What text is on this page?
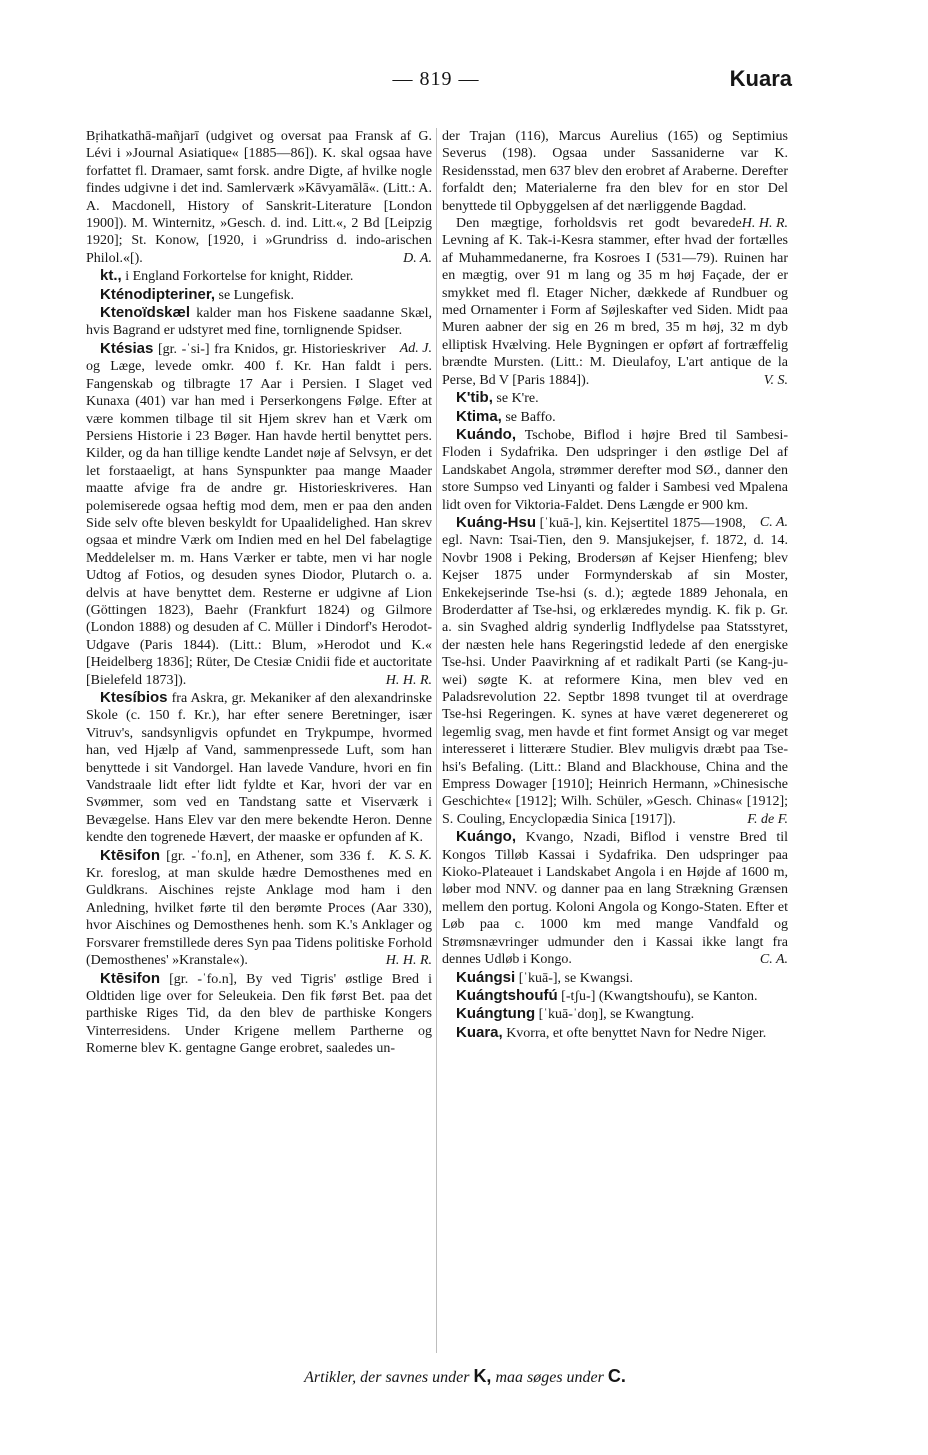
— 819 —	Kuara

Bṛihatkathā-mañjarī (udgivet og oversat paa Fransk af G. Lévi i »Journal Asiatique« [1885—86]). K. skal ogsaa have forfattet fl. Dramaer, samt forsk. andre Digte, af hvilke nogle findes udgivne i det ind. Samlerværk »Kāvyamālā«. (Litt.: A. A. Macdonell, History of Sanskrit-Literature [London 1900]). M. Winternitz, »Gesch. d. ind. Litt.«, 2 Bd [Leipzig 1920]; St. Konow, [1920, i »Grundriss d. indo-arischen Philol.«[).	D. A.

kt., i England Forkortelse for knight, Ridder.

Kténodipteriner, se Lungefisk.

Ktenoïdskæl kalder man hos Fiskene saadanne Skæl, hvis Bagrand er udstyret med fine, tornlignende Spidser.
Ad. J.

Ktésias [gr. -ˈsi-] fra Knidos, gr. Historieskriver og Læge, levede omkr. 400 f. Kr. Han faldt i pers. Fangenskab og tilbragte 17 Aar i Persien. I Slaget ved Kunaxa (401) var han med i Perserkongens Følge. Efter at være kommen tilbage til sit Hjem skrev han et Værk om Persiens Historie i 23 Bøger. Han havde hertil benyttet pers. Kilder, og da han tillige kendte Landet nøje af Selvsyn, er det let forstaaeligt, at hans Synspunkter paa mange Maader maatte afvige fra de andre gr. Historieskriveres. Han polemiserede ogsaa heftig mod dem, men er paa den anden Side selv ofte bleven beskyldt for Upaalidelighed. Han skrev ogsaa et mindre Værk om Indien med en hel Del fabelagtige Meddelelser m. m. Hans Værker er tabte, men vi har nogle Udtog af Fotios, og desuden synes Diodor, Plutarch o. a. delvis at have benyttet dem. Resterne er udgivne af Lion (Göttingen 1823), Baehr (Frankfurt 1824) og Gilmore (London 1888) og desuden af C. Müller i Dindorf's Herodot-Udgave (Paris 1844). (Litt.: Blum, »Herodot und K.« [Heidelberg 1836]; Rüter, De Ctesiæ Cnidii fide et auctoritate [Bielefeld 1873]).	H. H. R.

Ktesíbios fra Askra, gr. Mekaniker af den alexandrinske Skole (c. 150 f. Kr.), har efter senere Beretninger, især Vitruv's, sandsynligvis opfundet en Trykpumpe, hvormed han, ved Hjælp af Vand, sammenpressede Luft, som han benyttede i sit Vandorgel. Han lavede Vandure, hvori en fin Vandstraale lidt efter lidt fyldte et Kar, hvori der var en Svømmer, som ved en Tandstang satte et Viserværk i Bevægelse. Hans Elev var den mere bekendte Heron. Denne kendte den togrenede Hævert, der maaske er opfunden af K.
K. S. K.

Ktēsifon [gr. -ˈfo.n], en Athener, som 336 f. Kr. foreslog, at man skulde hædre Demosthenes med en Guldkrans. Aischines rejste Anklage mod ham i den Anledning, hvilket førte til den berømte Proces (Aar 330), hvor Aischines og Demosthenes henh. som K.'s Anklager og Forsvarer fremstillede deres Syn paa Tidens politiske Forhold (Demosthenes' »Kranstale«).	H. H. R.

Ktēsifon [gr. -ˈfo.n], By ved Tigris' østlige Bred i Oldtiden lige over for Seleukeia. Den fik først Bet. paa det parthiske Riges Tid, da den blev de parthiske Kongers Vinterresidens. Under Krigene mellem Partherne og Romerne blev K. gentagne Gange erobret, saaledes un-

der Trajan (116), Marcus Aurelius (165) og Septimius Severus (198). Ogsaa under Sassaniderne var K. Residensstad, men 637 blev den erobret af Araberne. Derefter forfaldt den; Materialerne fra den blev for en stor Del benyttede til Opbyggelsen af det nærliggende Bagdad.
H. H. R.

Den mægtige, forholdsvis ret godt bevarede Levning af K. Tak-i-Kesra stammer, efter hvad der fortælles af Muhammedanerne, fra Kosroes I (531—79). Ruinen har en mægtig, over 91 m lang og 35 m høj Façade, der er smykket med fl. Etager Nicher, dækkede af Rundbuer og med Ornamenter i Form af Søjleskafter ved Siden. Midt paa Muren aabner der sig en 26 m bred, 35 m høj, 32 m dyb elliptisk Hvælving. Hele Bygningen er opført af fortræffelig brændte Mursten. (Litt.: M. Dieulafoy, L'art antique de la Perse, Bd V [Paris 1884]).	V. S.

K'tib, se K're.

Ktima, se Baffo.

Kuándo, Tschobe, Biflod i højre Bred til Sambesi-Floden i Sydafrika. Den udspringer i den østlige Del af Landskabet Angola, strømmer derefter mod SØ., danner den store Sumpso ved Linyanti og falder i Sambesi ved Mpalena lidt oven for Viktoria-Faldet. Dens Længde er 900 km.
C. A.

Kuáng-Hsu [ˈkuā-], kin. Kejsertitel 1875—1908, egl. Navn: Tsai-Tien, den 9. Mansjukejser, f. 1872, d. 14. Novbr 1908 i Peking, Brodersøn af Kejser Hienfeng; blev Kejser 1875 under Formynderskab af sin Moster, Enkekejserinde Tse-hsi (s. d.); ægtede 1889 Jehonala, en Broderdatter af Tse-hsi, og erklæredes myndig. K. fik p. Gr. a. sin Svaghed aldrig synderlig Indflydelse paa Statsstyret, der næsten hele hans Regeringstid ledede af den energiske Tse-hsi. Under Paavirkning af et radikalt Parti (se Kang-ju-wei) søgte K. at reformere Kina, men blev ved en Paladsrevolution 22. Septbr 1898 tvunget til at overdrage Tse-hsi Regeringen. K. synes at have været degenereret og legemlig svag, men havde et fint formet Ansigt og var meget interesseret i litterære Studier. Blev muligvis dræbt paa Tse-hsi's Befaling. (Litt.: Bland and Blackhouse, China and the Empress Dowager [1910]; Heinrich Hermann, »Chinesische Geschichte« [1912]; Wilh. Schüler, »Gesch. Chinas« [1912]; S. Couling, Encyclopædia Sinica [1917]).	F. de F.

Kuángo, Kvango, Nzadi, Biflod i venstre Bred til Kongos Tilløb Kassai i Sydafrika. Den udspringer paa Kioko-Plateauet i Landskabet Angola i en Højde af 1600 m, løber mod NNV. og danner paa en lang Strækning Grænsen mellem den portug. Koloni Angola og Kongo-Staten. Efter et Løb paa c. 1000 km med mange Vandfald og Strømsnævringer udmunder den i Kassai ikke langt fra dennes Udløb i Kongo.	C. A.

Kuángsi [ˈkuā-], se Kwangsi.

Kuángtshoufú [-tʃu-] (Kwangtshoufu), se Kanton.

Kuángtung [ˈkuā-ˈdoŋ], se Kwangtung.

Kuara, Kvorra, et ofte benyttet Navn for Nedre Niger.

Artikler, der savnes under K, maa søges under C.
